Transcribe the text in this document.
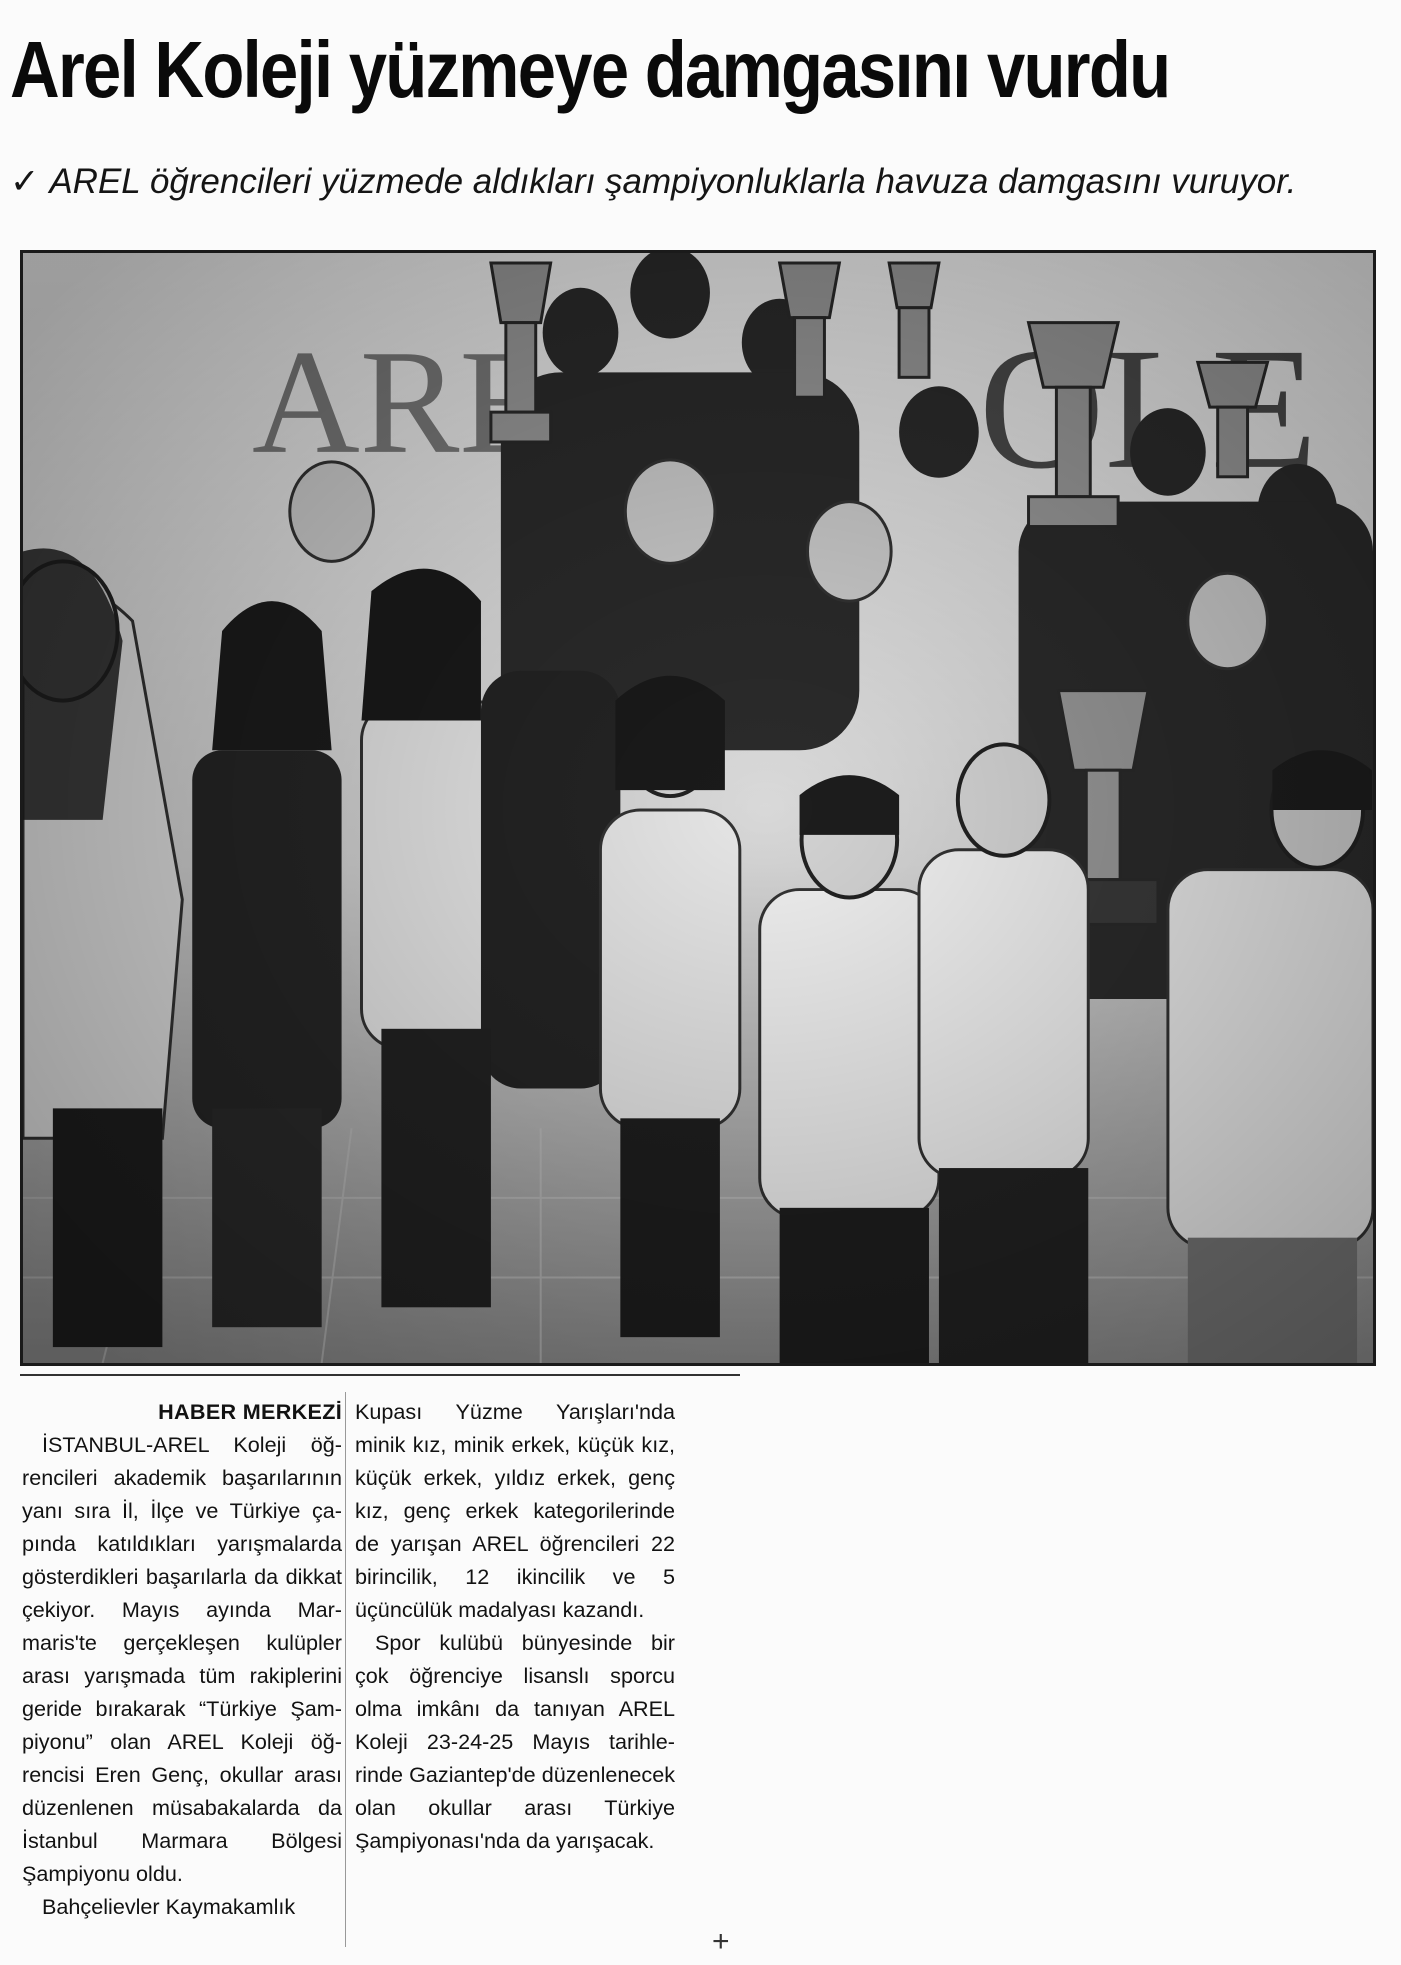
Arel Koleji yüzmeye damgasını vurdu
✓ AREL öğrencileri yüzmede aldıkları şampiyonluklarla havuza damgasını vuruyor.

HABER MERKEZİ

İSTANBUL-AREL Koleji öğrencileri akademik başarılarının yanı sıra İl, İlçe ve Türkiye çapında katıldıkları yarışmalarda gösterdikleri başarılarla da dikkat çekiyor. Mayıs ayında Marmaris'te gerçekleşen kulüpler arası yarışmada tüm rakiplerini geride bırakarak “Türkiye Şampiyonu” olan AREL Koleji öğrencisi Eren Genç, okullar arası düzenlenen müsabakalarda da İstanbul Marmara Bölgesi Şampiyonu oldu.

Bahçelievler Kaymakamlık

Kupası Yüzme Yarışları'nda minik kız, minik erkek, küçük kız, küçük erkek, yıldız erkek, genç kız, genç erkek kategorilerinde de yarışan AREL öğrencileri 22 birincilik, 12 ikincilik ve 5 üçüncülük madalyası kazandı.

Spor kulübü bünyesinde bir çok öğrenciye lisanslı sporcu olma imkânı da tanıyan AREL Koleji 23-24-25 Mayıs tarihlerinde Gaziantep'de düzenlenecek olan okullar arası Türkiye Şampiyonası'nda da yarışacak.

+
